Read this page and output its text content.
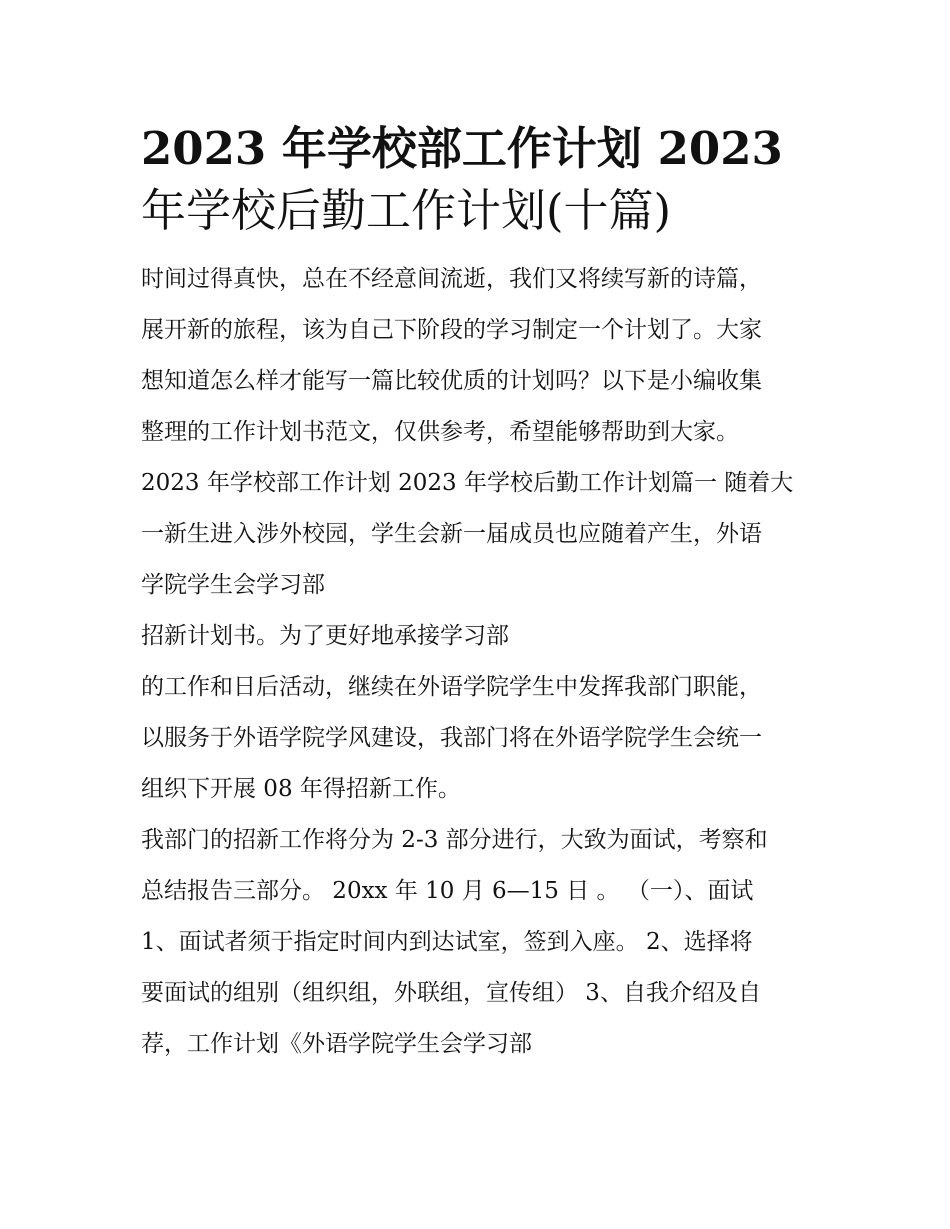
2023 年学校部工作计划 2023
年学校后勤工作计划(十篇)

时间过得真快，总在不经意间流逝，我们又将续写新的诗篇，
展开新的旅程，该为自己下阶段的学习制定一个计划了。大家
想知道怎么样才能写一篇比较优质的计划吗？以下是小编收集
整理的工作计划书范文，仅供参考，希望能够帮助到大家。

2023 年学校部工作计划 2023 年学校后勤工作计划篇一 随着大
一新生进入涉外校园，学生会新一届成员也应随着产生，外语
学院学生会学习部

招新计划书。为了更好地承接学习部

的工作和日后活动，继续在外语学院学生中发挥我部门职能，
以服务于外语学院学风建设，我部门将在外语学院学生会统一
组织下开展 08 年得招新工作。

我部门的招新工作将分为 2-3 部分进行，大致为面试，考察和
总结报告三部分。 20xx 年 10 月 6—15 日 。 （一）、面试

1、面试者须于指定时间内到达试室，签到入座。 2、选择将
要面试的组别（组织组，外联组，宣传组） 3、自我介绍及自
荐，工作计划《外语学院学生会学习部
